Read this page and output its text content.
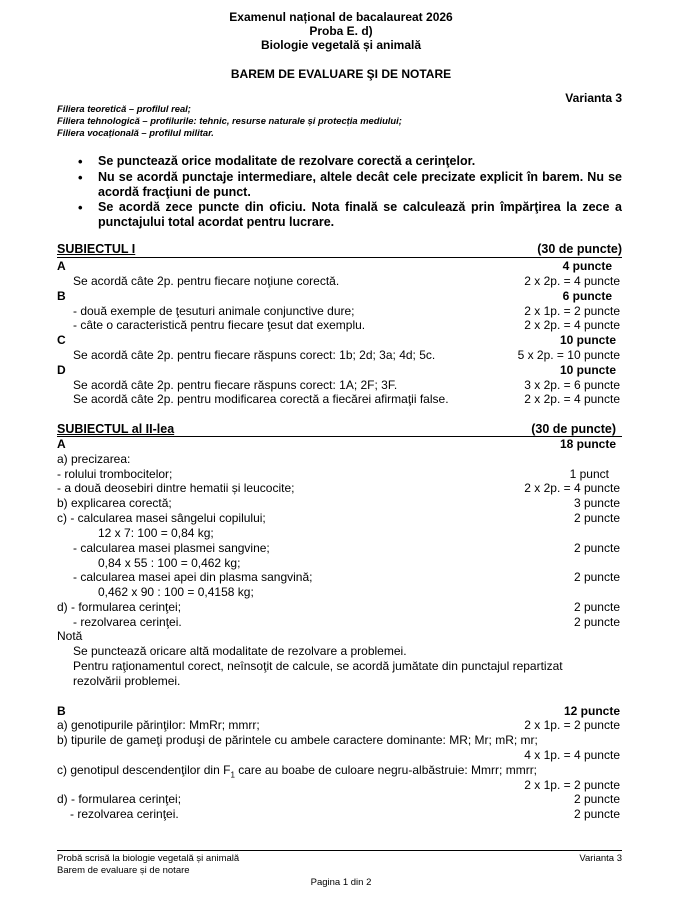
Examenul național de bacalaureat 2026
Proba E. d)
Biologie vegetală și animală
BAREM DE EVALUARE ŞI DE NOTARE
Varianta 3
Filiera teoretică – profilul real;
Filiera tehnologică – profilurile: tehnic, resurse naturale și protecția mediului;
Filiera vocațională – profilul militar.
• Se punctează orice modalitate de rezolvare corectă a cerinţelor.
• Nu se acordă punctaje intermediare, altele decât cele precizate explicit în barem. Nu se acordă fracţiuni de punct.
• Se acordă zece puncte din oficiu. Nota finală se calculează prin împărţirea la zece a punctajului total acordat pentru lucrare.
SUBIECTUL I	(30 de puncte)
A	4 puncte
Se acordă câte 2p. pentru fiecare noţiune corectă.	2 x 2p. = 4 puncte
B	6 puncte
- două exemple de ţesuturi animale conjunctive dure;	2 x 1p. = 2 puncte
- câte o caracteristică pentru fiecare ţesut dat exemplu.	2 x 2p. = 4 puncte
C	10 puncte
Se acordă câte 2p. pentru fiecare răspuns corect: 1b; 2d; 3a; 4d; 5c.	5 x 2p. = 10 puncte
D	10 puncte
Se acordă câte 2p. pentru fiecare răspuns corect: 1A; 2F; 3F.	3 x 2p. = 6 puncte
Se acordă câte 2p. pentru modificarea corectă a fiecărei afirmaţii false.	2 x 2p. = 4 puncte
SUBIECTUL al II-lea	(30 de puncte)
A	18 puncte
a) precizarea:
- rolului trombocitelor;	1 punct
- a două deosebiri dintre hematii și leucocite;	2 x 2p. = 4 puncte
b) explicarea corectă;	3 puncte
c) - calcularea masei sângelui copilului;	2 puncte
12 x 7: 100 = 0,84 kg;
- calcularea masei plasmei sangvine;	2 puncte
0,84 x 55 : 100 = 0,462 kg;
- calcularea masei apei din plasma sangvină;	2 puncte
0,462 x 90 : 100 = 0,4158 kg;
d) - formularea cerinţei;	2 puncte
- rezolvarea cerinţei.	2 puncte
Notă
Se punctează oricare altă modalitate de rezolvare a problemei.
Pentru raţionamentul corect, neînsoţit de calcule, se acordă jumătate din punctajul repartizat
rezolvării problemei.
B	12 puncte
a) genotipurile părinţilor: MmRr; mmrr;	2 x 1p. = 2 puncte
b) tipurile de gameţi produşi de părintele cu ambele caractere dominante: MR; Mr; mR; mr;
4 x 1p. = 4 puncte
c) genotipul descendenţilor din $F_1$ care au boabe de culoare negru-albăstruie: Mmrr; mmrr;
2 x 1p. = 2 puncte
d) - formularea cerinţei;	2 puncte
- rezolvarea cerinţei.	2 puncte
Probă scrisă la biologie vegetală și animală
Barem de evaluare și de notare
Varianta 3
Pagina 1 din 2
